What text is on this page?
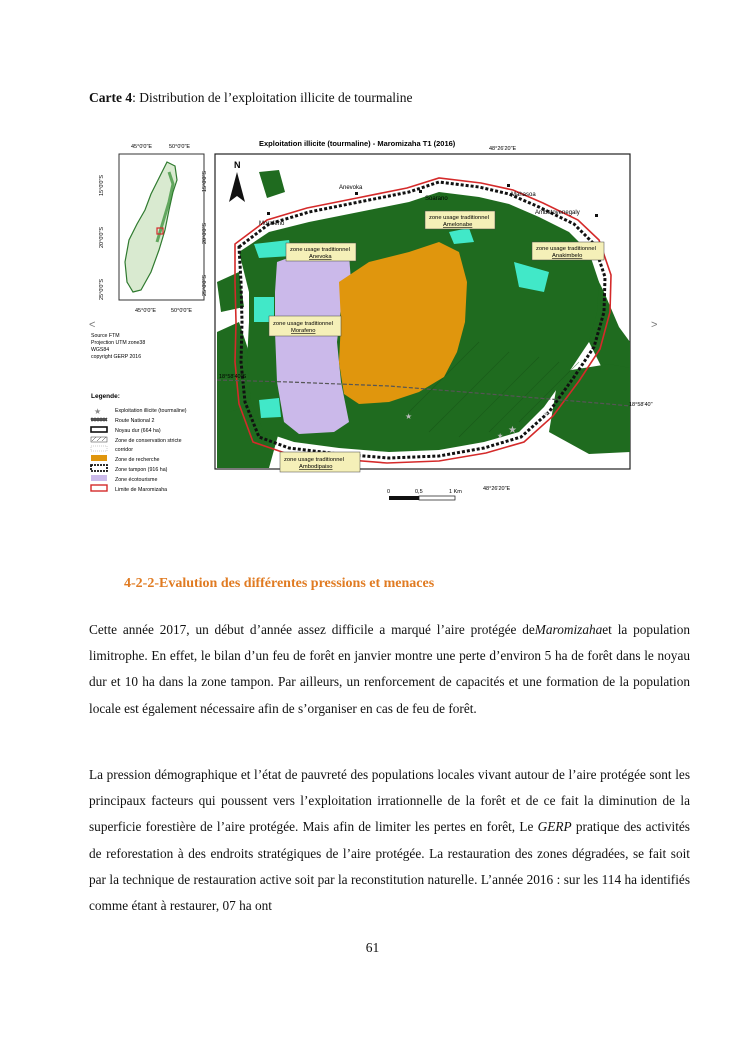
Carte 4: Distribution de l’exploitation illicite de tourmaline
45°0'0"E	50°0'0"E
15°0'0"S
20°0'0"S
25°0'0"S
45°0'0"E	50°0'0"E
15°0'0"S
20°0'0"S
25°0'0"S
<	>
Source FTM
Projection UTM zone38
WGS84
copyright GERP 2016
Exploitation illicite (tourmaline) - Maromizaha T1 (2016)
N
48°26'20"E
48°26'20"E
18°58'40"S
18°58'40"
Anevoka
Soarano
Mahasoa
Morafeno
Ambatovenegaly
zone usage traditionnel
Amelonabe
zone usage traditionnel
Anevoka
zone usage traditionnel
Anakimbelo
zone usage traditionnel
Morafeno
zone usage traditionnel
Ambodipaiso
★
★
★
★
0	0,5	1 Km
Legende:
★	Exploitation illicite (tourmaline)
Route National 2
Noyau dur (664 ha)
Zone de conservation stricte
corridor
Zone de recherche
Zone tampon (916 ha)
Zone écotourisme
Limite de Maromizaha
4-2-2-Evalution des différentes pressions et menaces
Cette année 2017, un début d’année assez difficile a marqué l’aire protégée deMaromizahaet la population limitrophe. En effet, le bilan d’un feu de forêt en janvier montre une perte d’environ 5 ha de forêt dans le noyau dur et 10 ha dans la zone tampon. Par ailleurs, un renforcement de capacités et une formation de la population locale est également nécessaire afin de s’organiser en cas de feu de forêt.
La pression démographique et l’état de pauvreté des populations locales vivant autour de l’aire protégée sont les principaux facteurs qui poussent vers l’exploitation irrationnelle de la forêt et de ce fait la diminution de la superficie forestière de l’aire protégée. Mais afin de limiter les pertes en forêt, Le GERP pratique des activités de reforestation à des endroits stratégiques de l’aire protégée. La restauration des zones dégradées, se fait soit par la technique de restauration active soit par la reconstitution naturelle. L’année 2016 : sur les 114 ha identifiés comme étant à restaurer, 07 ha ont
61
